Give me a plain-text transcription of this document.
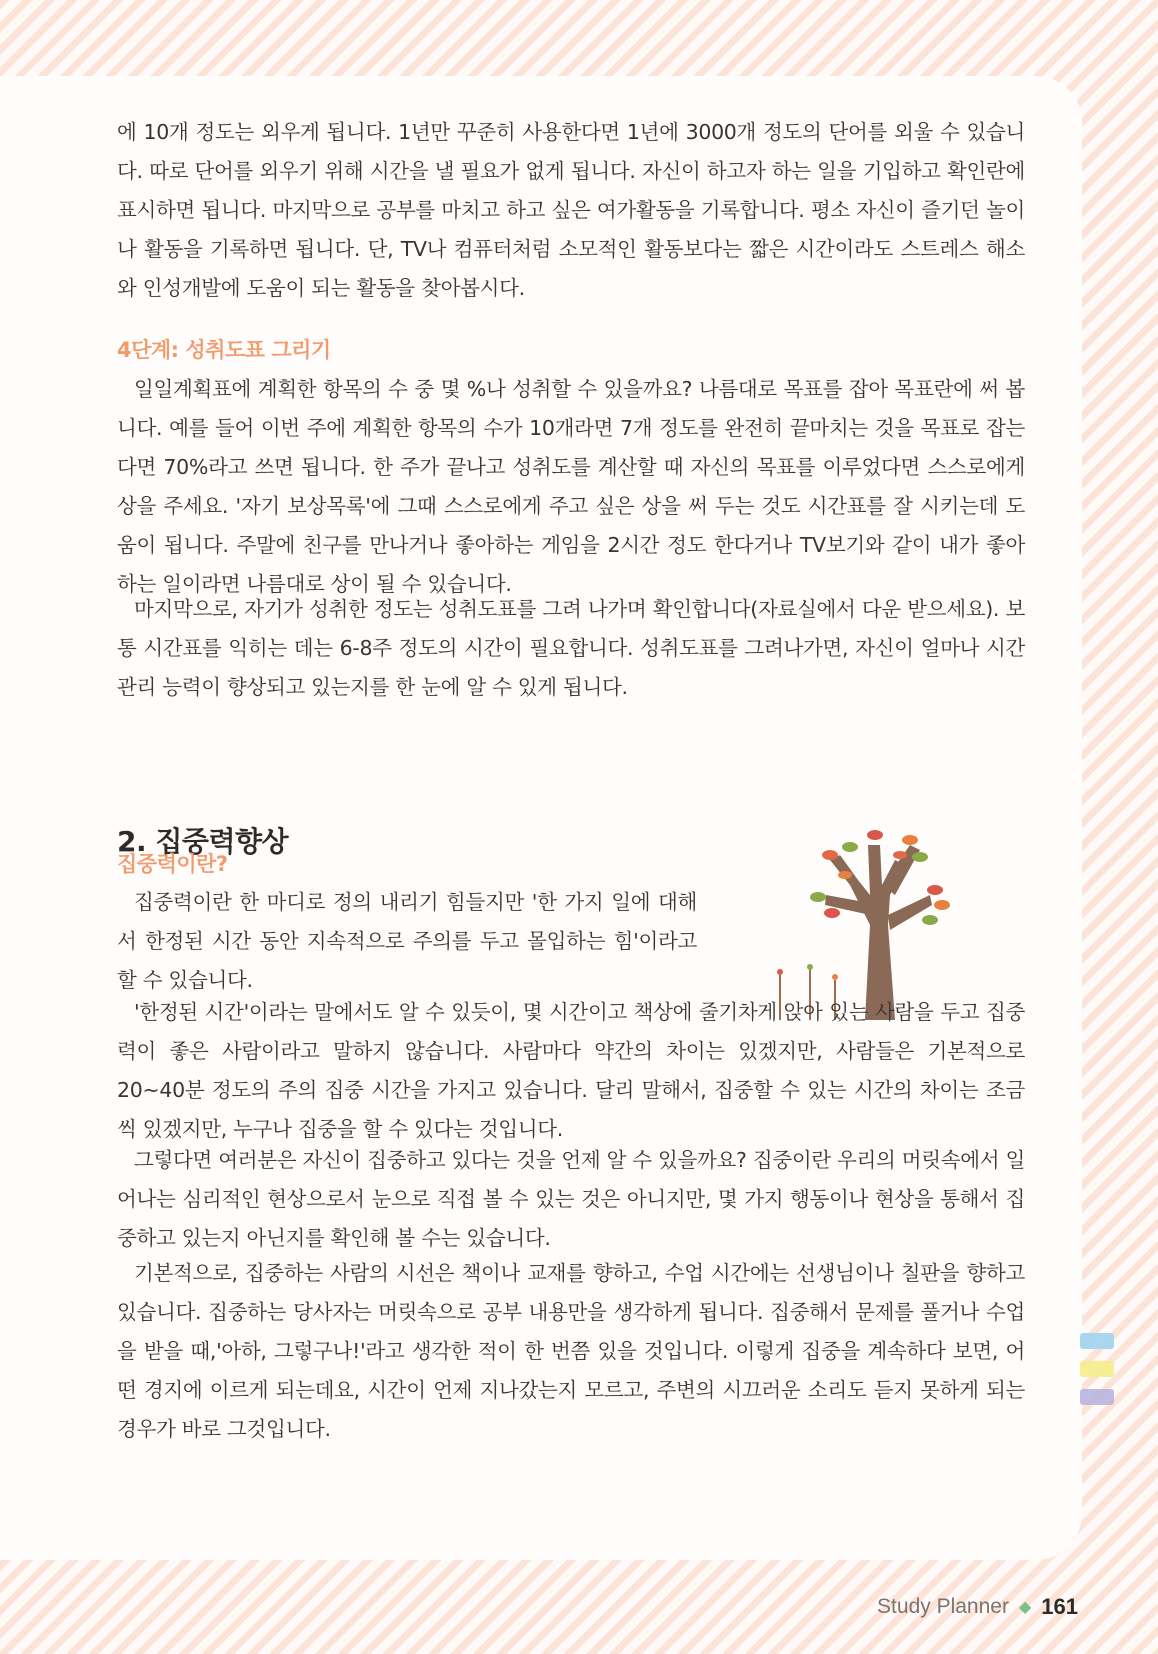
에 10개 정도는 외우게 됩니다. 1년만 꾸준히 사용한다면 1년에 3000개 정도의 단어를 외울 수 있습니다. 따로 단어를 외우기 위해 시간을 낼 필요가 없게 됩니다. 자신이 하고자 하는 일을 기입하고 확인란에 표시하면 됩니다. 마지막으로 공부를 마치고 하고 싶은 여가활동을 기록합니다. 평소 자신이 즐기던 놀이나 활동을 기록하면 됩니다. 단, TV나 컴퓨터처럼 소모적인 활동보다는 짧은 시간이라도 스트레스 해소와 인성개발에 도움이 되는 활동을 찾아봅시다.

4단계: 성취도표 그리기

일일계획표에 계획한 항목의 수 중 몇 %나 성취할 수 있을까요? 나름대로 목표를 잡아 목표란에 써 봅니다. 예를 들어 이번 주에 계획한 항목의 수가 10개라면 7개 정도를 완전히 끝마치는 것을 목표로 잡는다면 70%라고 쓰면 됩니다. 한 주가 끝나고 성취도를 계산할 때 자신의 목표를 이루었다면 스스로에게 상을 주세요. '자기 보상목록'에 그때 스스로에게 주고 싶은 상을 써 두는 것도 시간표를 잘 시키는데 도움이 됩니다. 주말에 친구를 만나거나 좋아하는 게임을 2시간 정도 한다거나 TV보기와 같이 내가 좋아 하는 일이라면 나름대로 상이 될 수 있습니다.

마지막으로, 자기가 성취한 정도는 성취도표를 그려 나가며 확인합니다(자료실에서 다운 받으세요). 보통 시간표를 익히는 데는 6-8주 정도의 시간이 필요합니다. 성취도표를 그려나가면, 자신이 얼마나 시간관리 능력이 향상되고 있는지를 한 눈에 알 수 있게 됩니다.

2. 집중력향상
집중력이란?

집중력이란 한 마디로 정의 내리기 힘들지만 '한 가지 일에 대해서 한정된 시간 동안 지속적으로 주의를 두고 몰입하는 힘'이라고 할 수 있습니다.

'한정된 시간'이라는 말에서도 알 수 있듯이, 몇 시간이고 책상에 줄기차게 앉아 있는 사람을 두고 집중력이 좋은 사람이라고 말하지 않습니다. 사람마다 약간의 차이는 있겠지만, 사람들은 기본적으로 20~40분 정도의 주의 집중 시간을 가지고 있습니다. 달리 말해서, 집중할 수 있는 시간의 차이는 조금씩 있겠지만, 누구나 집중을 할 수 있다는 것입니다.

그렇다면 여러분은 자신이 집중하고 있다는 것을 언제 알 수 있을까요? 집중이란 우리의 머릿속에서 일어나는 심리적인 현상으로서 눈으로 직접 볼 수 있는 것은 아니지만, 몇 가지 행동이나 현상을 통해서 집중하고 있는지 아닌지를 확인해 볼 수는 있습니다.

기본적으로, 집중하는 사람의 시선은 책이나 교재를 향하고, 수업 시간에는 선생님이나 칠판을 향하고 있습니다. 집중하는 당사자는 머릿속으로 공부 내용만을 생각하게 됩니다. 집중해서 문제를 풀거나 수업을 받을 때,'아하, 그렇구나!'라고 생각한 적이 한 번쯤 있을 것입니다. 이렇게 집중을 계속하다 보면, 어떤 경지에 이르게 되는데요, 시간이 언제 지나갔는지 모르고, 주변의 시끄러운 소리도 듣지 못하게 되는 경우가 바로 그것입니다.

Study Planner ◆ 161
